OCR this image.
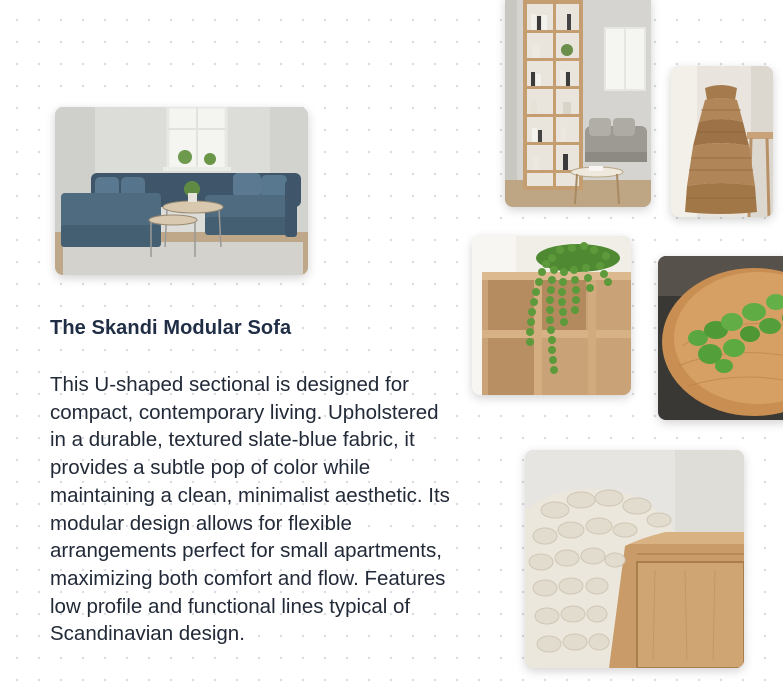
The Skandi Modular Sofa

This U-shaped sectional is designed for compact, contemporary living. Upholstered in a durable, textured slate-blue fabric, it provides a subtle pop of color while maintaining a clean, minimalist aesthetic. Its modular design allows for flexible arrangements perfect for small apartments, maximizing both comfort and flow. Features low profile and functional lines typical of Scandinavian design.
